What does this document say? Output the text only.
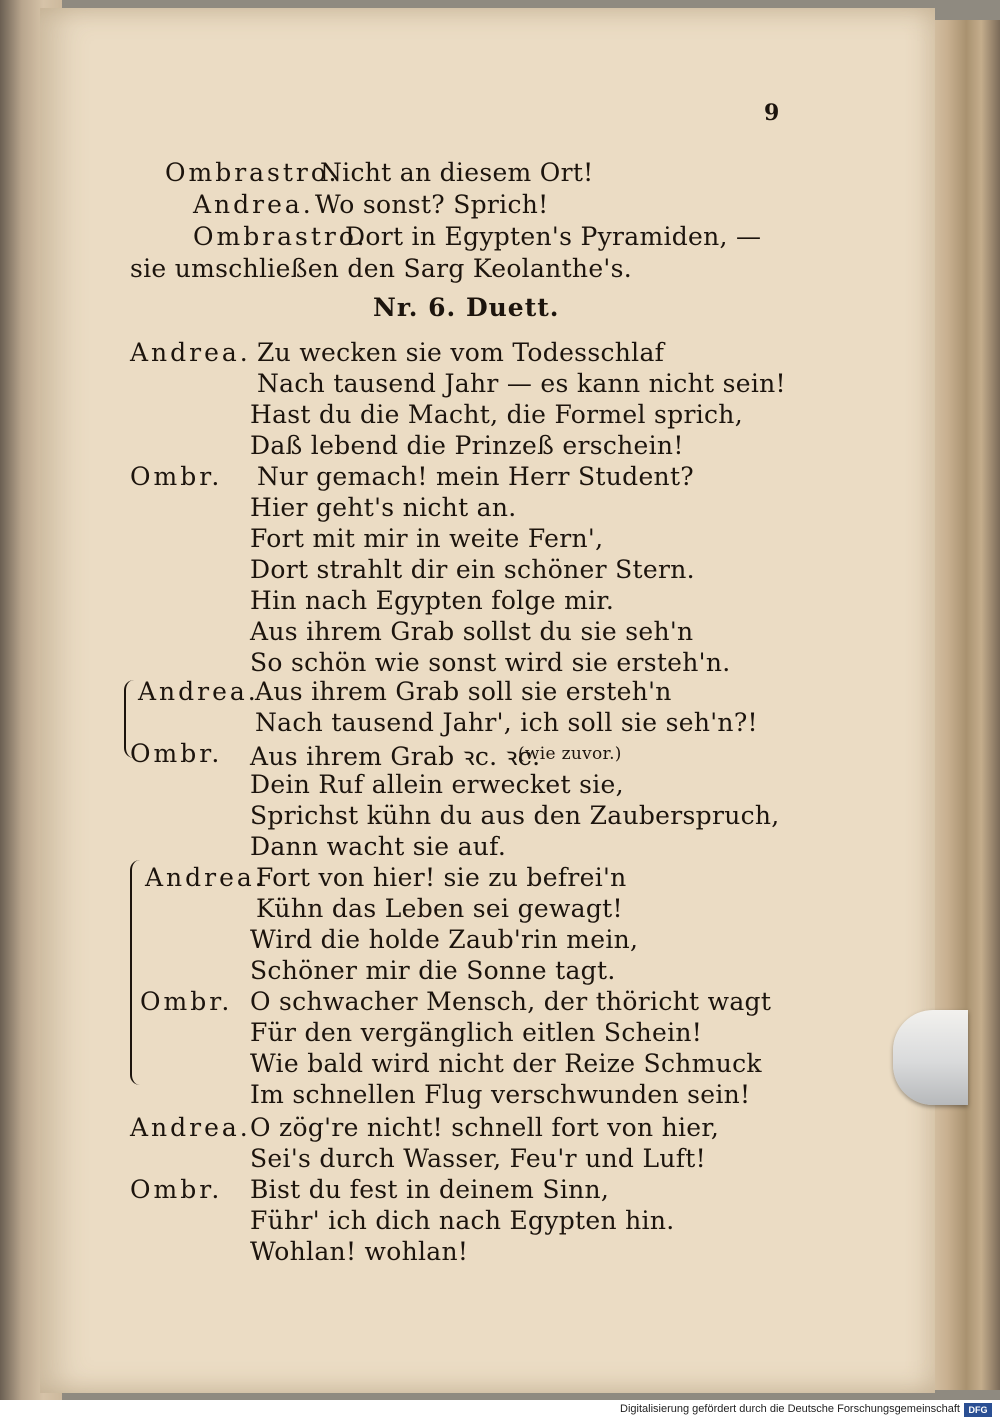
9
Ombrastro.
Nicht an diesem Ort!
Andrea. Wo sonst? Sprich!
Ombrastro.
Dort in Egypten's Pyramiden, —
sie umschließen den Sarg Keolanthe's.
Nr. 6. Duett.
Andrea. Zu wecken sie vom Todesschlaf
Nach tausend Jahr — es kann nicht sein!
Hast du die Macht, die Formel sprich,
Daß lebend die Prinzeß erschein!
Ombr. Nur gemach! mein Herr Student?
Hier geht's nicht an.
Fort mit mir in weite Fern',
Dort strahlt dir ein schöner Stern.
Hin nach Egypten folge mir.
Aus ihrem Grab sollst du sie seh'n
So schön wie sonst wird sie ersteh'n.
Andrea.
Aus ihrem Grab soll sie ersteh'n
Nach tausend Jahr', ich soll sie seh'n?!
Ombr. Aus ihrem Grab ꝛc. ꝛc.
(wie zuvor.)
Dein Ruf allein erwecket sie,
Sprichst kühn du aus den Zauberspruch,
Dann wacht sie auf.
Andrea.
Fort von hier! sie zu befrei'n
Kühn das Leben sei gewagt!
Wird die holde Zaub'rin mein,
Schöner mir die Sonne tagt.
Ombr. O schwacher Mensch, der thöricht wagt
Für den vergänglich eitlen Schein!
Wie bald wird nicht der Reize Schmuck
Im schnellen Flug verschwunden sein!
Andrea. O zög're nicht! schnell fort von hier,
Sei's durch Wasser, Feu'r und Luft!
Ombr. Bist du fest in deinem Sinn,
Führ' ich dich nach Egypten hin.
Wohlan! wohlan!
Digitalisierung gefördert durch die Deutsche Forschungsgemeinschaft DFG
